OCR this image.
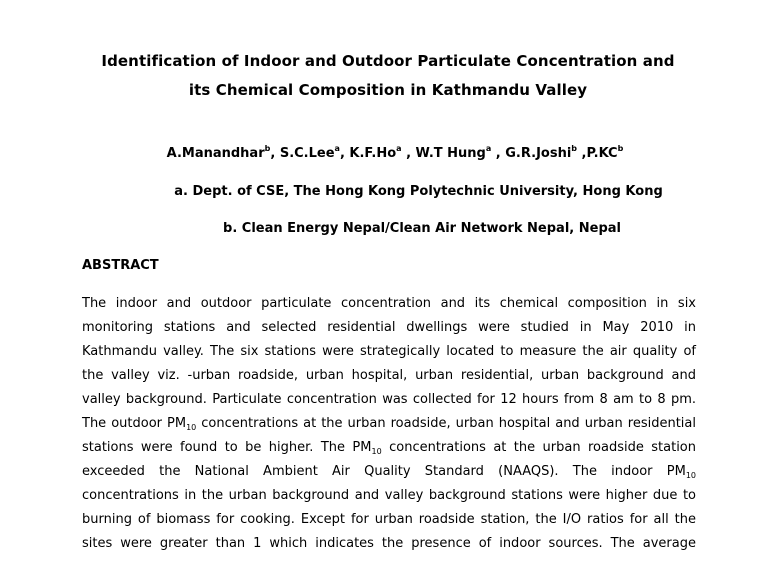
Identification of Indoor and Outdoor Particulate Concentration and
its Chemical Composition in Kathmandu Valley
A.Manandhar$^b$, S.C.Lee$^a$, K.F.Ho$^a$ , W.T Hung$^a$ , G.R.Joshi$^b$ $,P.KC^b$
a. Dept. of CSE, The Hong Kong Polytechnic University, Hong Kong
b. Clean Energy Nepal/Clean Air Network Nepal, Nepal
ABSTRACT
The indoor and outdoor particulate concentration and its chemical composition in six
monitoring stations and selected residential dwellings were studied in May 2010 in
Kathmandu valley. The six stations were strategically located to measure the air quality of
the valley viz. -urban roadside, urban hospital, urban residential, urban background and
valley background. Particulate concentration was collected for 12 hours from 8 am to 8 pm.
The outdoor $PM_{10}$ concentrations at the urban roadside, urban hospital and urban residential
stations were found to be higher. The $PM_{10}$ concentrations at the urban roadside station
exceeded the National Ambient Air Quality Standard (NAAQS). The indoor $PM_{10}$
concentrations in the urban background and valley background stations were higher due to
burning of biomass for cooking. Except for urban roadside station, the I/O ratios for all the
sites were greater than 1 which indicates the presence of indoor sources. The average
